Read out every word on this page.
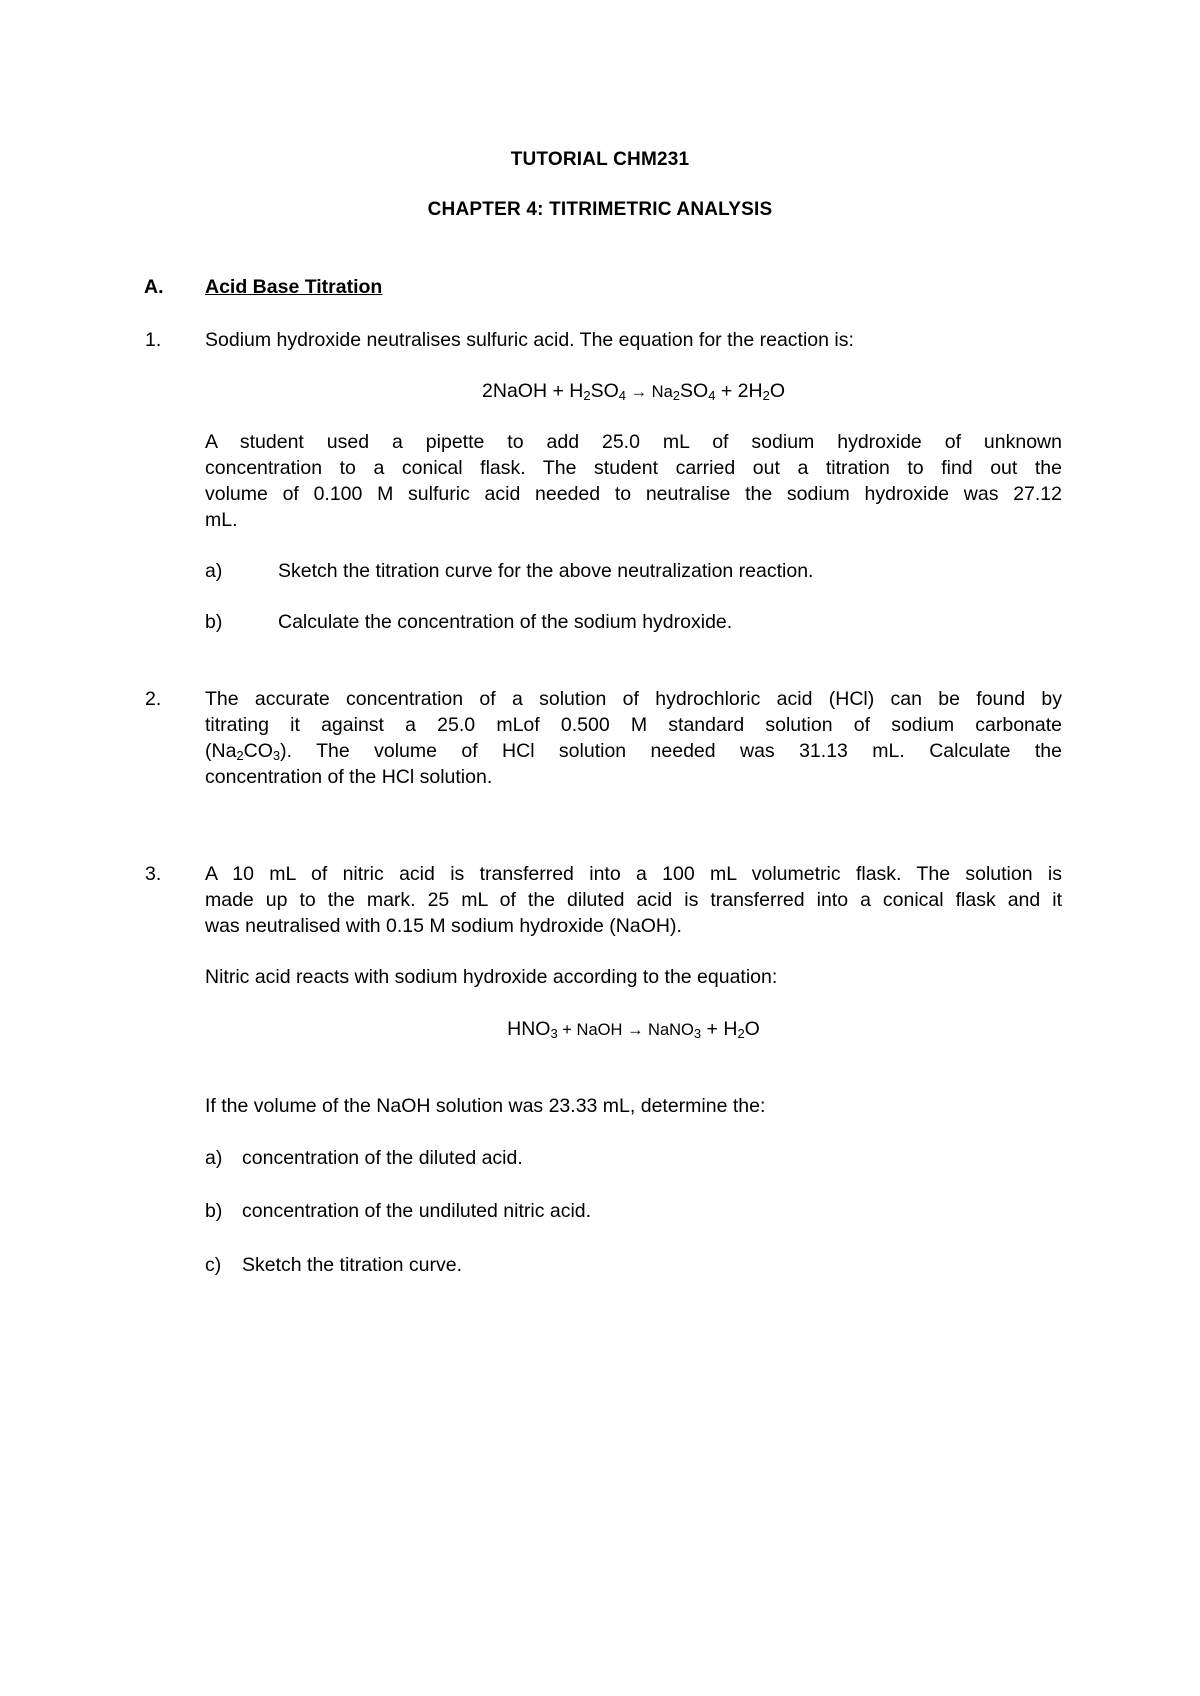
TUTORIAL CHM231
CHAPTER 4: TITRIMETRIC ANALYSIS
A. Acid Base Titration
1. Sodium hydroxide neutralises sulfuric acid. The equation for the reaction is:
2NaOH + $H_2SO_4 \to Na_2SO_4 + 2H_2O$
A student used a pipette to add 25.0 mL of sodium hydroxide of unknown
concentration to a conical flask. The student carried out a titration to find out the
volume of 0.100 M sulfuric acid needed to neutralise the sodium hydroxide was 27.12
mL.
a)	Sketch the titration curve for the above neutralization reaction.
b)	Calculate the concentration of the sodium hydroxide.
2. The accurate concentration of a solution of hydrochloric acid (HCl) can be found by
titrating it against a 25.0 mLof 0.500 M standard solution of sodium carbonate
$(Na_2CO_3)$. The volume of HCl solution needed was 31.13 mL. Calculate the
concentration of the HCl solution.
3. A 10 mL of nitric acid is transferred into a 100 mL volumetric flask. The solution is
made up to the mark. 25 mL of the diluted acid is transferred into a conical flask and it
was neutralised with 0.15 M sodium hydroxide (NaOH).
Nitric acid reacts with sodium hydroxide according to the equation:
$HNO_3$ + NaOH → NaNO$_3$ + $H_2O$
If the volume of the NaOH solution was 23.33 mL, determine the:
a) concentration of the diluted acid.
b) concentration of the undiluted nitric acid.
c) Sketch the titration curve.
